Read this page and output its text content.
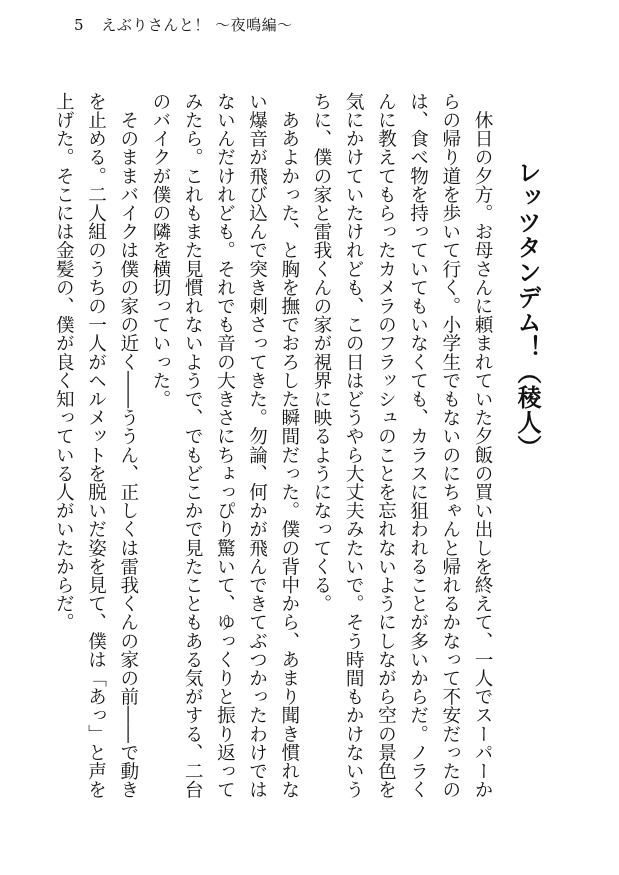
5 えぶりさんと！ 〜夜鳴編〜
レッツタンデム！（稜人）

　休日の夕方。お母さんに頼まれていた夕飯の買い出しを終えて、一人でスーパーからの帰り道を歩いて行く。小学生でもないのにちゃんと帰れるかなって不安だったのは、食べ物を持っていてもいなくても、カラスに狙われることが多いからだ。ノラくんに教えてもらったカメラのフラッシュのことを忘れないようにしながら空の景色を気にかけていたけれども、この日はどうやら大丈夫みたいで。そう時間もかけないうちに、僕の家と雷我くんの家が視界に映るようになってくる。

　ああよかった、と胸を撫でおろした瞬間だった。僕の背中から、あまり聞き慣れない爆音が飛び込んで突き刺さってきた。勿論、何かが飛んできてぶつかったわけではないんだけれども。それでも音の大きさにちょっぴり驚いて、ゆっくりと振り返ってみたら。これもまた見慣れないようで、でもどこかで見たこともある気がする、二台のバイクが僕の隣を横切っていった。

　そのままバイクは僕の家の近く――ううん、正しくは雷我くんの家の前――で動きを止める。二人組のうちの一人がヘルメットを脱いだ姿を見て、僕は「あっ」と声を上げた。そこには金髪の、僕が良く知っている人がいたからだ。
